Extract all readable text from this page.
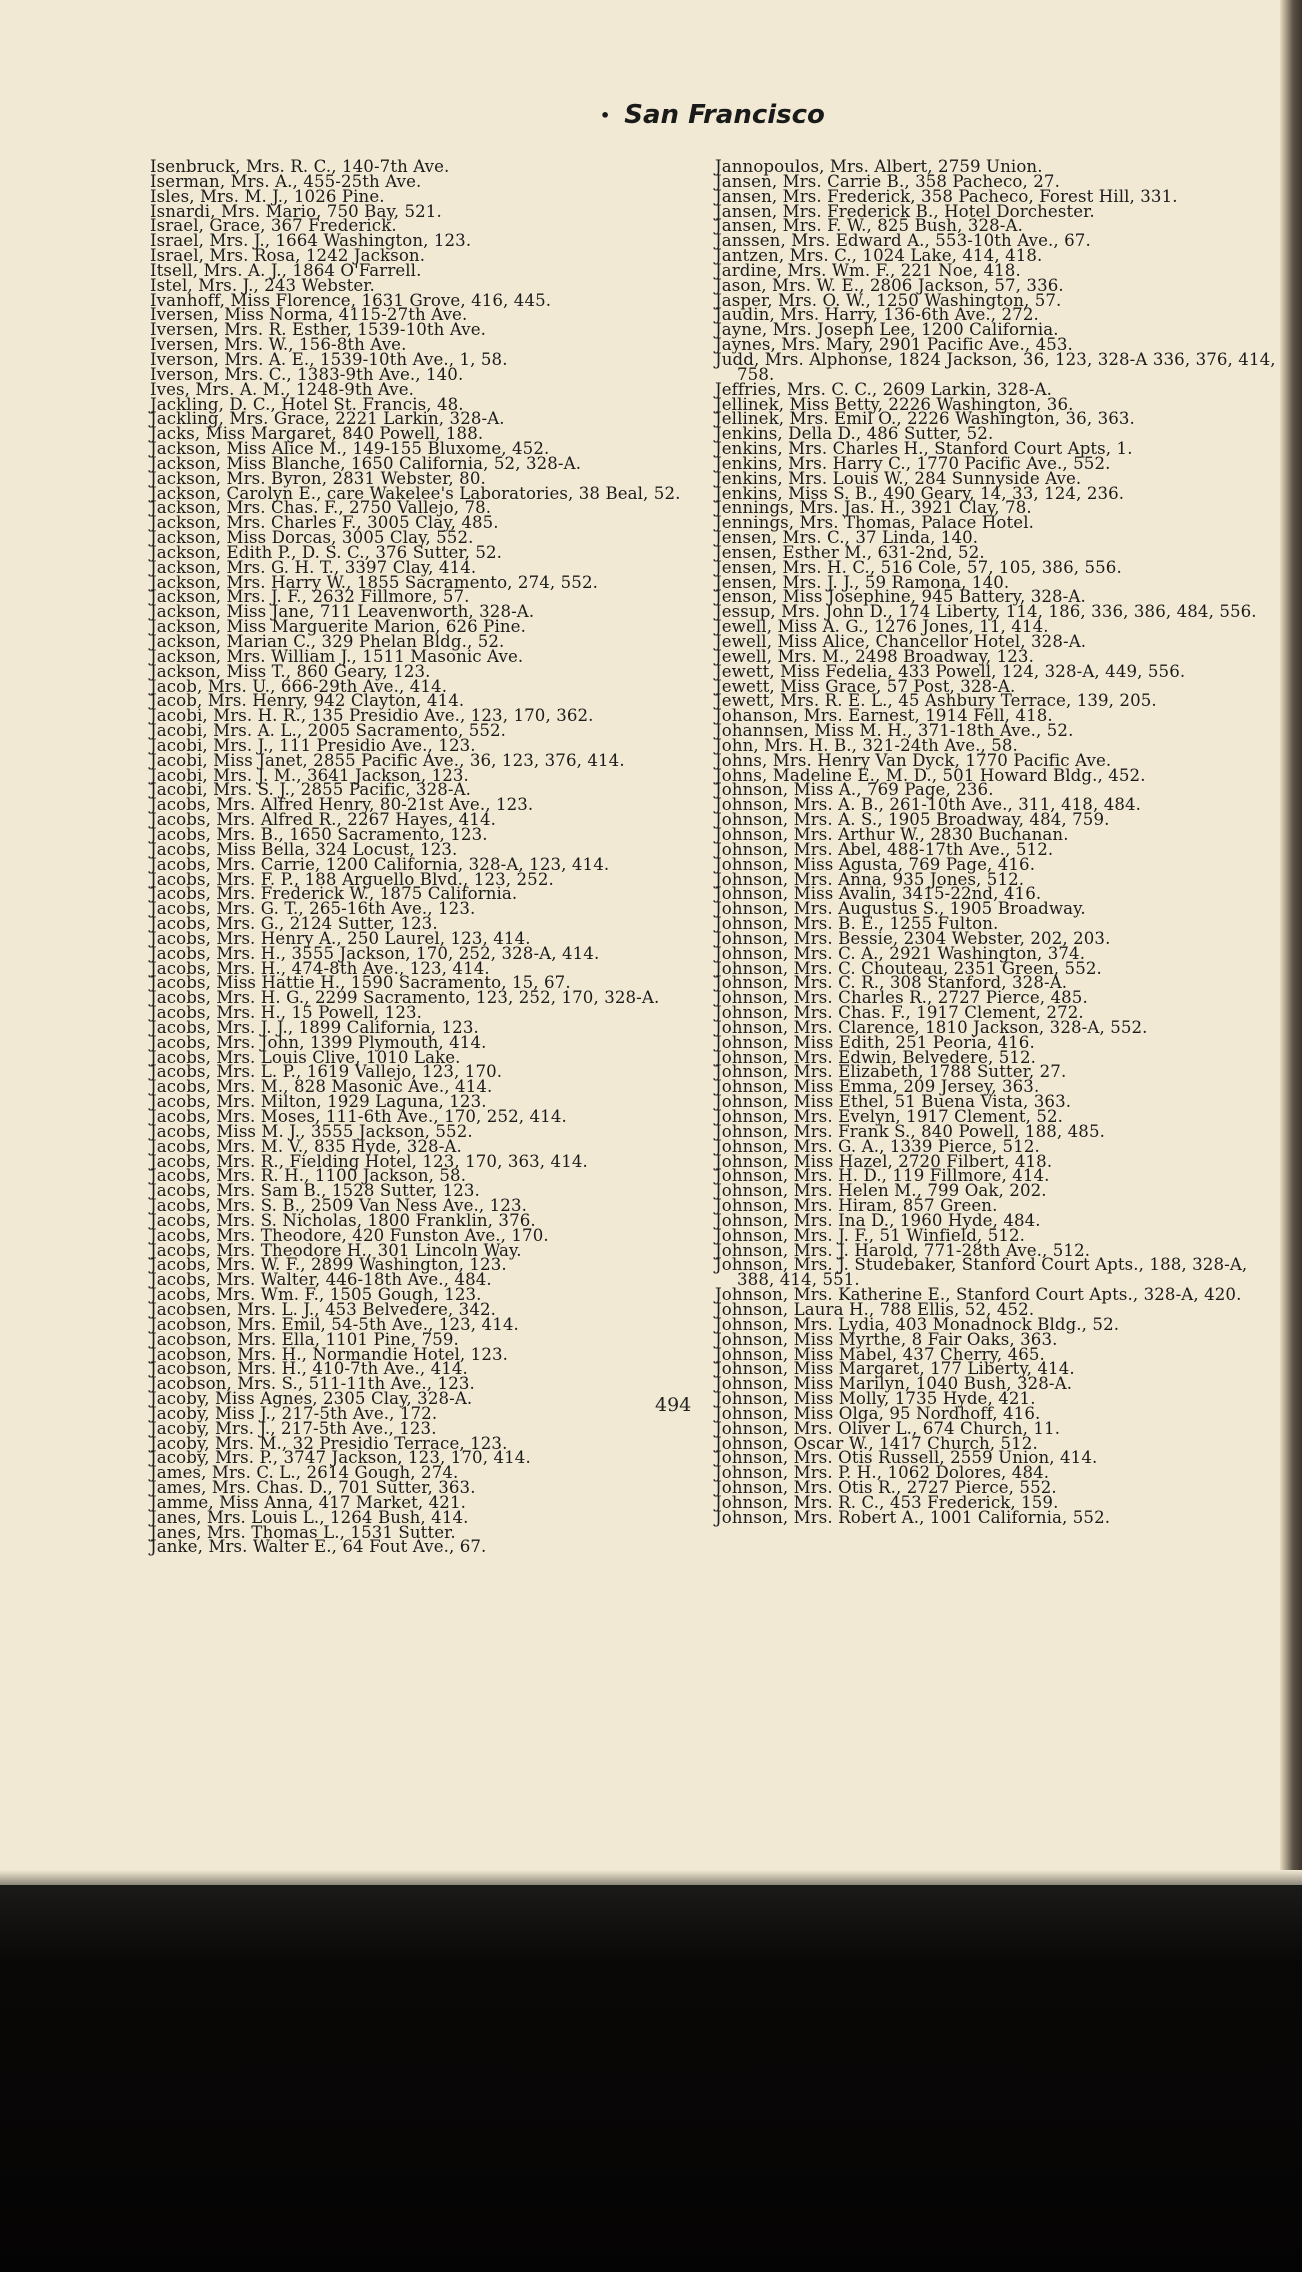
• San Francisco
Isenbruck, Mrs. R. C., 140-7th Ave.
Iserman, Mrs. A., 455-25th Ave.
Isles, Mrs. M. J., 1026 Pine.
Isnardi, Mrs. Mario, 750 Bay, 521.
Israel, Grace, 367 Frederick.
Israel, Mrs. J., 1664 Washington, 123.
Israel, Mrs. Rosa, 1242 Jackson.
Itsell, Mrs. A. J., 1864 O'Farrell.
Istel, Mrs. J., 243 Webster.
Ivanhoff, Miss Florence, 1631 Grove, 416, 445.
Iversen, Miss Norma, 4115-27th Ave.
Iversen, Mrs. R. Esther, 1539-10th Ave.
Iversen, Mrs. W., 156-8th Ave.
Iverson, Mrs. A. E., 1539-10th Ave., 1, 58.
Iverson, Mrs. C., 1383-9th Ave., 140.
Ives, Mrs. A. M., 1248-9th Ave.
Jackling, D. C., Hotel St. Francis, 48.
Jackling, Mrs. Grace, 2221 Larkin, 328-A.
Jacks, Miss Margaret, 840 Powell, 188.
Jackson, Miss Alice M., 149-155 Bluxome, 452.
Jackson, Miss Blanche, 1650 California, 52, 328-A.
Jackson, Mrs. Byron, 2831 Webster, 80.
Jackson, Carolyn E., care Wakelee's Laboratories, 38 Beal, 52.
Jackson, Mrs. Chas. F., 2750 Vallejo, 78.
Jackson, Mrs. Charles F., 3005 Clay, 485.
Jackson, Miss Dorcas, 3005 Clay, 552.
Jackson, Edith P., D. S. C., 376 Sutter, 52.
Jackson, Mrs. G. H. T., 3397 Clay, 414.
Jackson, Mrs. Harry W., 1855 Sacramento, 274, 552.
Jackson, Mrs. J. F., 2632 Fillmore, 57.
Jackson, Miss Jane, 711 Leavenworth, 328-A.
Jackson, Miss Marguerite Marion, 626 Pine.
Jackson, Marian C., 329 Phelan Bldg., 52.
Jackson, Mrs. William J., 1511 Masonic Ave.
Jackson, Miss T., 860 Geary, 123.
Jacob, Mrs. U., 666-29th Ave., 414.
Jacob, Mrs. Henry, 942 Clayton, 414.
Jacobi, Mrs. H. R., 135 Presidio Ave., 123, 170, 362.
Jacobi, Mrs. A. L., 2005 Sacramento, 552.
Jacobi, Mrs. J., 111 Presidio Ave., 123.
Jacobi, Miss Janet, 2855 Pacific Ave., 36, 123, 376, 414.
Jacobi, Mrs. J. M., 3641 Jackson, 123.
Jacobi, Mrs. S. J., 2855 Pacific, 328-A.
Jacobs, Mrs. Alfred Henry, 80-21st Ave., 123.
Jacobs, Mrs. Alfred R., 2267 Hayes, 414.
Jacobs, Mrs. B., 1650 Sacramento, 123.
Jacobs, Miss Bella, 324 Locust, 123.
Jacobs, Mrs. Carrie, 1200 California, 328-A, 123, 414.
Jacobs, Mrs. F. P., 188 Arguello Blvd., 123, 252.
Jacobs, Mrs. Frederick W., 1875 California.
Jacobs, Mrs. G. T., 265-16th Ave., 123.
Jacobs, Mrs. G., 2124 Sutter, 123.
Jacobs, Mrs. Henry A., 250 Laurel, 123, 414.
Jacobs, Mrs. H., 3555 Jackson, 170, 252, 328-A, 414.
Jacobs, Mrs. H., 474-8th Ave., 123, 414.
Jacobs, Miss Hattie H., 1590 Sacramento, 15, 67.
Jacobs, Mrs. H. G., 2299 Sacramento, 123, 252, 170, 328-A.
Jacobs, Mrs. H., 15 Powell, 123.
Jacobs, Mrs. J. J., 1899 California, 123.
Jacobs, Mrs. John, 1399 Plymouth, 414.
Jacobs, Mrs. Louis Clive, 1010 Lake.
Jacobs, Mrs. L. P., 1619 Vallejo, 123, 170.
Jacobs, Mrs. M., 828 Masonic Ave., 414.
Jacobs, Mrs. Milton, 1929 Laguna, 123.
Jacobs, Mrs. Moses, 111-6th Ave., 170, 252, 414.
Jacobs, Miss M. J., 3555 Jackson, 552.
Jacobs, Mrs. M. V., 835 Hyde, 328-A.
Jacobs, Mrs. R., Fielding Hotel, 123, 170, 363, 414.
Jacobs, Mrs. R. H., 1100 Jackson, 58.
Jacobs, Mrs. Sam B., 1528 Sutter, 123.
Jacobs, Mrs. S. B., 2509 Van Ness Ave., 123.
Jacobs, Mrs. S. Nicholas, 1800 Franklin, 376.
Jacobs, Mrs. Theodore, 420 Funston Ave., 170.
Jacobs, Mrs. Theodore H., 301 Lincoln Way.
Jacobs, Mrs. W. F., 2899 Washington, 123.
Jacobs, Mrs. Walter, 446-18th Ave., 484.
Jacobs, Mrs. Wm. F., 1505 Gough, 123.
Jacobsen, Mrs. L. J., 453 Belvedere, 342.
Jacobson, Mrs. Emil, 54-5th Ave., 123, 414.
Jacobson, Mrs. Ella, 1101 Pine, 759.
Jacobson, Mrs. H., Normandie Hotel, 123.
Jacobson, Mrs. H., 410-7th Ave., 414.
Jacobson, Mrs. S., 511-11th Ave., 123.
Jacoby, Miss Agnes, 2305 Clay, 328-A.
Jacoby, Miss J., 217-5th Ave., 172.
Jacoby, Mrs. J., 217-5th Ave., 123.
Jacoby, Mrs. M., 32 Presidio Terrace, 123.
Jacoby, Mrs. P., 3747 Jackson, 123, 170, 414.
James, Mrs. C. L., 2614 Gough, 274.
James, Mrs. Chas. D., 701 Sutter, 363.
Jamme, Miss Anna, 417 Market, 421.
Janes, Mrs. Louis L., 1264 Bush, 414.
Janes, Mrs. Thomas L., 1531 Sutter.
Janke, Mrs. Walter E., 64 Fout Ave., 67.
Jannopoulos, Mrs. Albert, 2759 Union.
Jansen, Mrs. Carrie B., 358 Pacheco, 27.
Jansen, Mrs. Frederick, 358 Pacheco, Forest Hill, 331.
Jansen, Mrs. Frederick B., Hotel Dorchester.
Jansen, Mrs. F. W., 825 Bush, 328-A.
Janssen, Mrs. Edward A., 553-10th Ave., 67.
Jantzen, Mrs. C., 1024 Lake, 414, 418.
Jardine, Mrs. Wm. F., 221 Noe, 418.
Jason, Mrs. W. E., 2806 Jackson, 57, 336.
Jasper, Mrs. O. W., 1250 Washington, 57.
Jaudin, Mrs. Harry, 136-6th Ave., 272.
Jayne, Mrs. Joseph Lee, 1200 California.
Jaynes, Mrs. Mary, 2901 Pacific Ave., 453.
Judd, Mrs. Alphonse, 1824 Jackson, 36, 123, 328-A 336, 376, 414, 758.
Jeffries, Mrs. C. C., 2609 Larkin, 328-A.
Jellinek, Miss Betty, 2226 Washington, 36.
Jellinek, Mrs. Emil O., 2226 Washington, 36, 363.
Jenkins, Della D., 486 Sutter, 52.
Jenkins, Mrs. Charles H., Stanford Court Apts, 1.
Jenkins, Mrs. Harry C., 1770 Pacific Ave., 552.
Jenkins, Mrs. Louis W., 284 Sunnyside Ave.
Jenkins, Miss S. B., 490 Geary, 14, 33, 124, 236.
Jennings, Mrs. Jas. H., 3921 Clay, 78.
Jennings, Mrs. Thomas, Palace Hotel.
Jensen, Mrs. C., 37 Linda, 140.
Jensen, Esther M., 631-2nd, 52.
Jensen, Mrs. H. C., 516 Cole, 57, 105, 386, 556.
Jensen, Mrs. J. J., 59 Ramona, 140.
Jenson, Miss Josephine, 945 Battery, 328-A.
Jessup, Mrs. John D., 174 Liberty, 114, 186, 336, 386, 484, 556.
Jewell, Miss A. G., 1276 Jones, 11, 414.
Jewell, Miss Alice, Chancellor Hotel, 328-A.
Jewell, Mrs. M., 2498 Broadway, 123.
Jewett, Miss Fedelia, 433 Powell, 124, 328-A, 449, 556.
Jewett, Miss Grace, 57 Post, 328-A.
Jewett, Mrs. R. E. L., 45 Ashbury Terrace, 139, 205.
Johanson, Mrs. Earnest, 1914 Fell, 418.
Johannsen, Miss M. H., 371-18th Ave., 52.
John, Mrs. H. B., 321-24th Ave., 58.
Johns, Mrs. Henry Van Dyck, 1770 Pacific Ave.
Johns, Madeline E., M. D., 501 Howard Bldg., 452.
Johnson, Miss A., 769 Page, 236.
Johnson, Mrs. A. B., 261-10th Ave., 311, 418, 484.
Johnson, Mrs. A. S., 1905 Broadway, 484, 759.
Johnson, Mrs. Arthur W., 2830 Buchanan.
Johnson, Mrs. Abel, 488-17th Ave., 512.
Johnson, Miss Agusta, 769 Page, 416.
Johnson, Mrs. Anna, 935 Jones, 512.
Johnson, Miss Avalin, 3415-22nd, 416.
Johnson, Mrs. Augustus S., 1905 Broadway.
Johnson, Mrs. B. E., 1255 Fulton.
Johnson, Mrs. Bessie, 2304 Webster, 202, 203.
Johnson, Mrs. C. A., 2921 Washington, 374.
Johnson, Mrs. C. Chouteau, 2351 Green, 552.
Johnson, Mrs. C. R., 308 Stanford, 328-A.
Johnson, Mrs. Charles R., 2727 Pierce, 485.
Johnson, Mrs. Chas. F., 1917 Clement, 272.
Johnson, Mrs. Clarence, 1810 Jackson, 328-A, 552.
Johnson, Miss Edith, 251 Peoria, 416.
Johnson, Mrs. Edwin, Belvedere, 512.
Johnson, Mrs. Elizabeth, 1788 Sutter, 27.
Johnson, Miss Emma, 209 Jersey, 363.
Johnson, Miss Ethel, 51 Buena Vista, 363.
Johnson, Mrs. Evelyn, 1917 Clement, 52.
Johnson, Mrs. Frank S., 840 Powell, 188, 485.
Johnson, Mrs. G. A., 1339 Pierce, 512.
Johnson, Miss Hazel, 2720 Filbert, 418.
Johnson, Mrs. H. D., 119 Fillmore, 414.
Johnson, Mrs. Helen M., 799 Oak, 202.
Johnson, Mrs. Hiram, 857 Green.
Johnson, Mrs. Ina D., 1960 Hyde, 484.
Johnson, Mrs. J. F., 51 Winfield, 512.
Johnson, Mrs. J. Harold, 771-28th Ave., 512.
Johnson, Mrs. J. Studebaker, Stanford Court Apts., 188, 328-A, 388, 414, 551.
Johnson, Mrs. Katherine E., Stanford Court Apts., 328-A, 420.
Johnson, Laura H., 788 Ellis, 52, 452.
Johnson, Mrs. Lydia, 403 Monadnock Bldg., 52.
Johnson, Miss Myrthe, 8 Fair Oaks, 363.
Johnson, Miss Mabel, 437 Cherry, 465.
Johnson, Miss Margaret, 177 Liberty, 414.
Johnson, Miss Marilyn, 1040 Bush, 328-A.
Johnson, Miss Molly, 1735 Hyde, 421.
Johnson, Miss Olga, 95 Nordhoff, 416.
Johnson, Mrs. Oliver L., 674 Church, 11.
Johnson, Oscar W., 1417 Church, 512.
Johnson, Mrs. Otis Russell, 2559 Union, 414.
Johnson, Mrs. P. H., 1062 Dolores, 484.
Johnson, Mrs. Otis R., 2727 Pierce, 552.
Johnson, Mrs. R. C., 453 Frederick, 159.
Johnson, Mrs. Robert A., 1001 California, 552.
494
